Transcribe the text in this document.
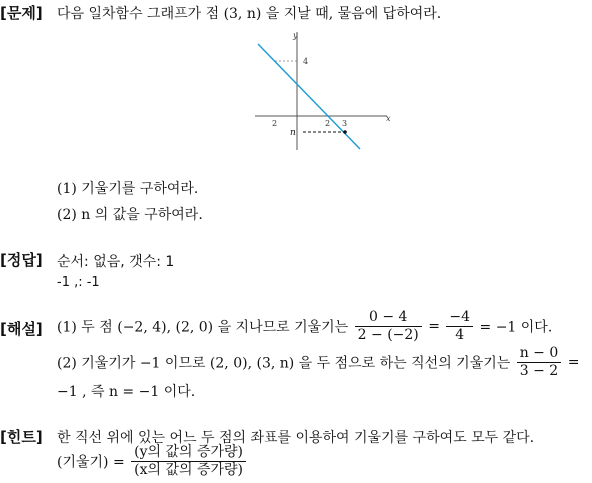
[문제] 다음 일차함수 그래프가 점 (3, n) 을 지날 때, 물음에 답하여라.
y
x
4
2	2 3
n
(1) 기울기를 구하여라.
(2) n 의 값을 구하여라.
[정답] 순서: 없음, 갯수: 1
-1 ,: -1
[해설] (1) 두 점 (−2, 4), (2, 0) 을 지나므로 기울기는 $\frac{0 - 4}{2 - (-2)} = \frac{-4}{4} = -1$ 이다.
(2) 기울기가 −1 이므로 (2, 0), (3, n) 을 두 점으로 하는 직선의 기울기는 $\frac{n - 0}{3 - 2}$ =
−1 , 즉 n = −1 이다.
[힌트] 한 직선 위에 있는 어느 두 점의 좌표를 이용하여 기울기를 구하여도 모두 같다.
(기울기) = $\frac{\text{(y의 값의 증가량)}}{\text{(x의 값의 증가량)}}$
